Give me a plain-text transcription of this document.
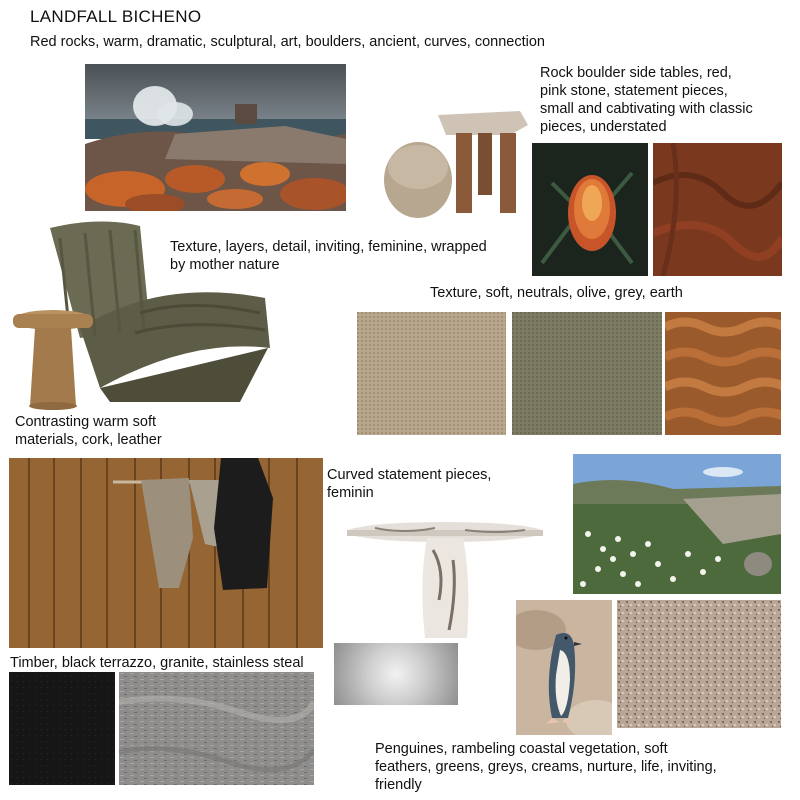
LANDFALL BICHENO
Red rocks, warm, dramatic, sculptural, art, boulders, ancient, curves, connection
Rock boulder side tables, red,
pink stone, statement pieces,
small and cabtivating with classic
pieces, understated
Texture, layers, detail, inviting, feminine, wrapped
by mother nature
Texture, soft, neutrals, olive, grey, earth
Contrasting warm soft
materials, cork, leather
Curved statement pieces,
feminin
Timber, black terrazzo, granite, stainless steal
Penguines, rambeling coastal vegetation, soft
feathers, greens, greys, creams, nurture, life, inviting,
friendly
